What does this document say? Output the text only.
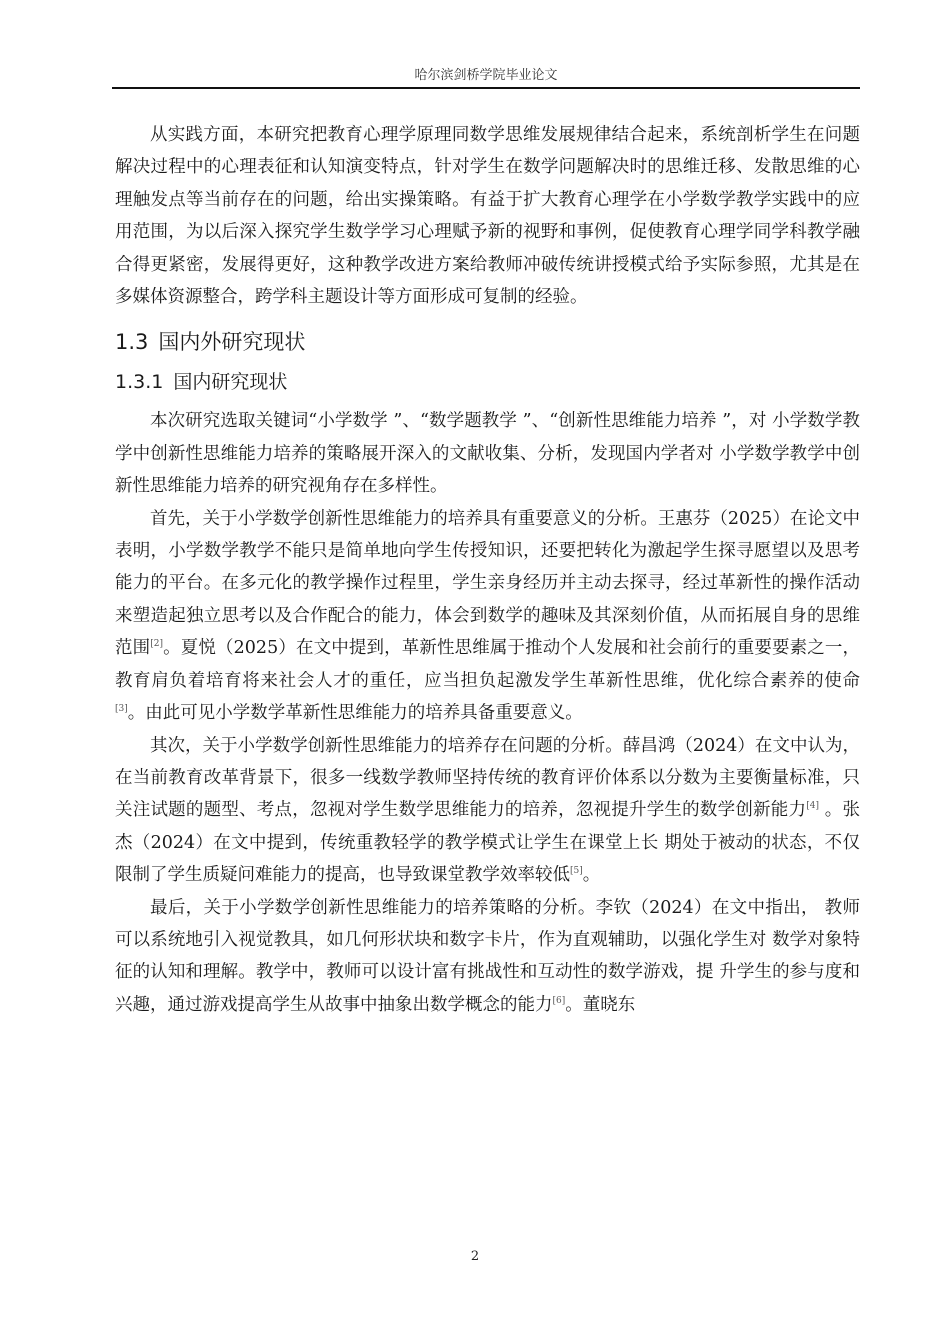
哈尔滨剑桥学院毕业论文

从实践方面，本研究把教育心理学原理同数学思维发展规律结合起来，系统剖析学生在问题解决过程中的心理表征和认知演变特点，针对学生在数学问题解决时的思维迁移、发散思维的心理触发点等当前存在的问题，给出实操策略。有益于扩大教育心理学在小学数学教学实践中的应用范围，为以后深入探究学生数学学习心理赋予新的视野和事例，促使教育心理学同学科教学融合得更紧密，发展得更好，这种教学改进方案给教师冲破传统讲授模式给予实际参照，尤其是在多媒体资源整合，跨学科主题设计等方面形成可复制的经验。

1.3 国内外研究现状
1.3.1 国内研究现状

本次研究选取关键词“小学数学 ”、“数学题教学 ”、“创新性思维能力培养 ”，对 小学数学教学中创新性思维能力培养的策略展开深入的文献收集、分析，发现国内学者对 小学数学教学中创新性思维能力培养的研究视角存在多样性。

首先，关于小学数学创新性思维能力的培养具有重要意义的分析。王惠芬（2025）在论文中表明，小学数学教学不能只是简单地向学生传授知识，还要把转化为激起学生探寻愿望以及思考能力的平台。在多元化的教学操作过程里，学生亲身经历并主动去探寻，经过革新性的操作活动来塑造起独立思考以及合作配合的能力，体会到数学的趣味及其深刻价值，从而拓展自身的思维范围[2]。夏悦（2025）在文中提到，革新性思维属于推动个人发展和社会前行的重要要素之一，教育肩负着培育将来社会人才的重任，应当担负起激发学生革新性思维，优化综合素养的使命[3]。由此可见小学数学革新性思维能力的培养具备重要意义。

其次，关于小学数学创新性思维能力的培养存在问题的分析。薛昌鸿（2024）在文中认为，在当前教育改革背景下，很多一线数学教师坚持传统的教育评价体系以分数为主要衡量标准，只关注试题的题型、考点，忽视对学生数学思维能力的培养，忽视提升学生的数学创新能力[4] 。张杰（2024）在文中提到，传统重教轻学的教学模式让学生在课堂上长 期处于被动的状态，不仅限制了学生质疑问难能力的提高，也导致课堂教学效率较低[5]。

最后，关于小学数学创新性思维能力的培养策略的分析。李钦（2024）在文中指出， 教师可以系统地引入视觉教具，如几何形状块和数字卡片，作为直观辅助，以强化学生对 数学对象特征的认知和理解。教学中，教师可以设计富有挑战性和互动性的数学游戏，提 升学生的参与度和兴趣，通过游戏提高学生从故事中抽象出数学概念的能力[6]。董晓东

2
